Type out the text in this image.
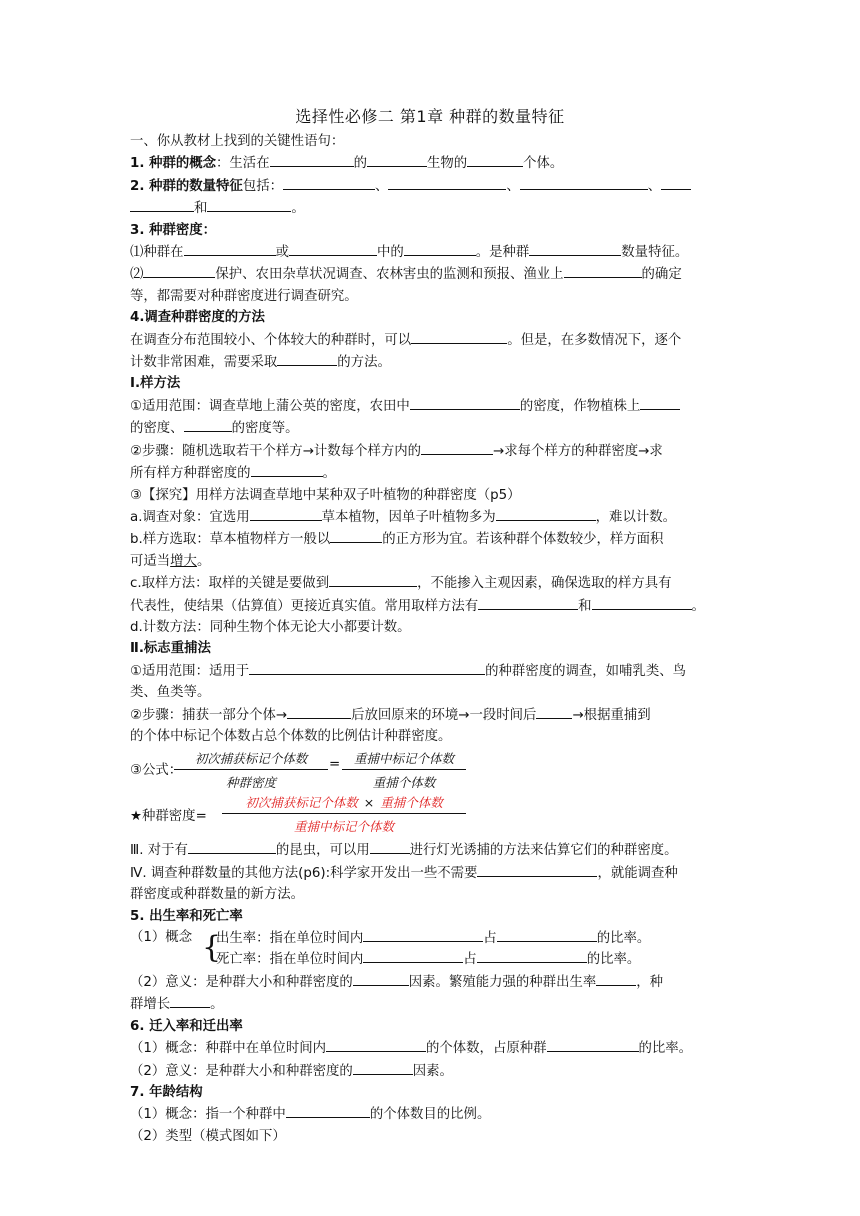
选择性必修二 第1章 种群的数量特征
一、你从教材上找到的关键性语句：
1. 种群的概念：生活在	的	生物的	个体。
2. 种群的数量特征包括：	、	、	、
和	。
3. 种群密度：
⑴种群在	或	中的	。是种群	数量特征。
⑵	保护、农田杂草状况调查、农林害虫的监测和预报、渔业上	的确定
等，都需要对种群密度进行调查研究。
4.调查种群密度的方法
在调查分布范围较小、个体较大的种群时，可以	。但是，在多数情况下，逐个
计数非常困难，需要采取	的方法。
Ⅰ.样方法
①适用范围：调查草地上蒲公英的密度，农田中	的密度，作物植株上
的密度、	的密度等。
②步骤：随机选取若干个样方→计数每个样方内的	→求每个样方的种群密度→求
所有样方种群密度的	。
③【探究】用样方法调查草地中某种双子叶植物的种群密度（p5）
a.调查对象：宜选用	草本植物，因单子叶植物多为	，难以计数。
b.样方选取：草本植物样方一般以	的正方形为宜。若该种群个体数较少，样方面积
可适当增大。
c.取样方法：取样的关键是要做到	，不能掺入主观因素，确保选取的样方具有
代表性，使结果（估算值）更接近真实值。常用取样方法有	和	。
d.计数方法：同种生物个体无论大小都要计数。
Ⅱ.标志重捕法
①适用范围：适用于	的种群密度的调查，如哺乳类、鸟
类、鱼类等。
②步骤：捕获一部分个体→	后放回原来的环境→一段时间后	→根据重捕到
的个体中标记个体数占总个体数的比例估计种群密度。
③公式：
初次捕获标记个体数
种群密度
=	重捕中标记个体数
重捕个体数
★种群密度=
初次捕获标记个体数 × 重捕个体数
重捕中标记个体数
Ⅲ. 对于有	的昆虫，可以用	进行灯光诱捕的方法来估算它们的种群密度。
Ⅳ. 调查种群数量的其他方法(p6):科学家开发出一些不需要	，就能调查种
群密度或种群数量的新方法。
5. 出生率和死亡率
（1）概念 {
出生率：指在单位时间内	占	的比率。
死亡率：指在单位时间内	占	的比率。
（2）意义：是种群大小和种群密度的	因素。繁殖能力强的种群出生率	，种
群增长	。
6. 迁入率和迁出率
（1）概念：种群中在单位时间内	的个体数，占原种群	的比率。
（2）意义：是种群大小和种群密度的	因素。
7. 年龄结构
（1）概念：指一个种群中	的个体数目的比例。
（2）类型（模式图如下）
